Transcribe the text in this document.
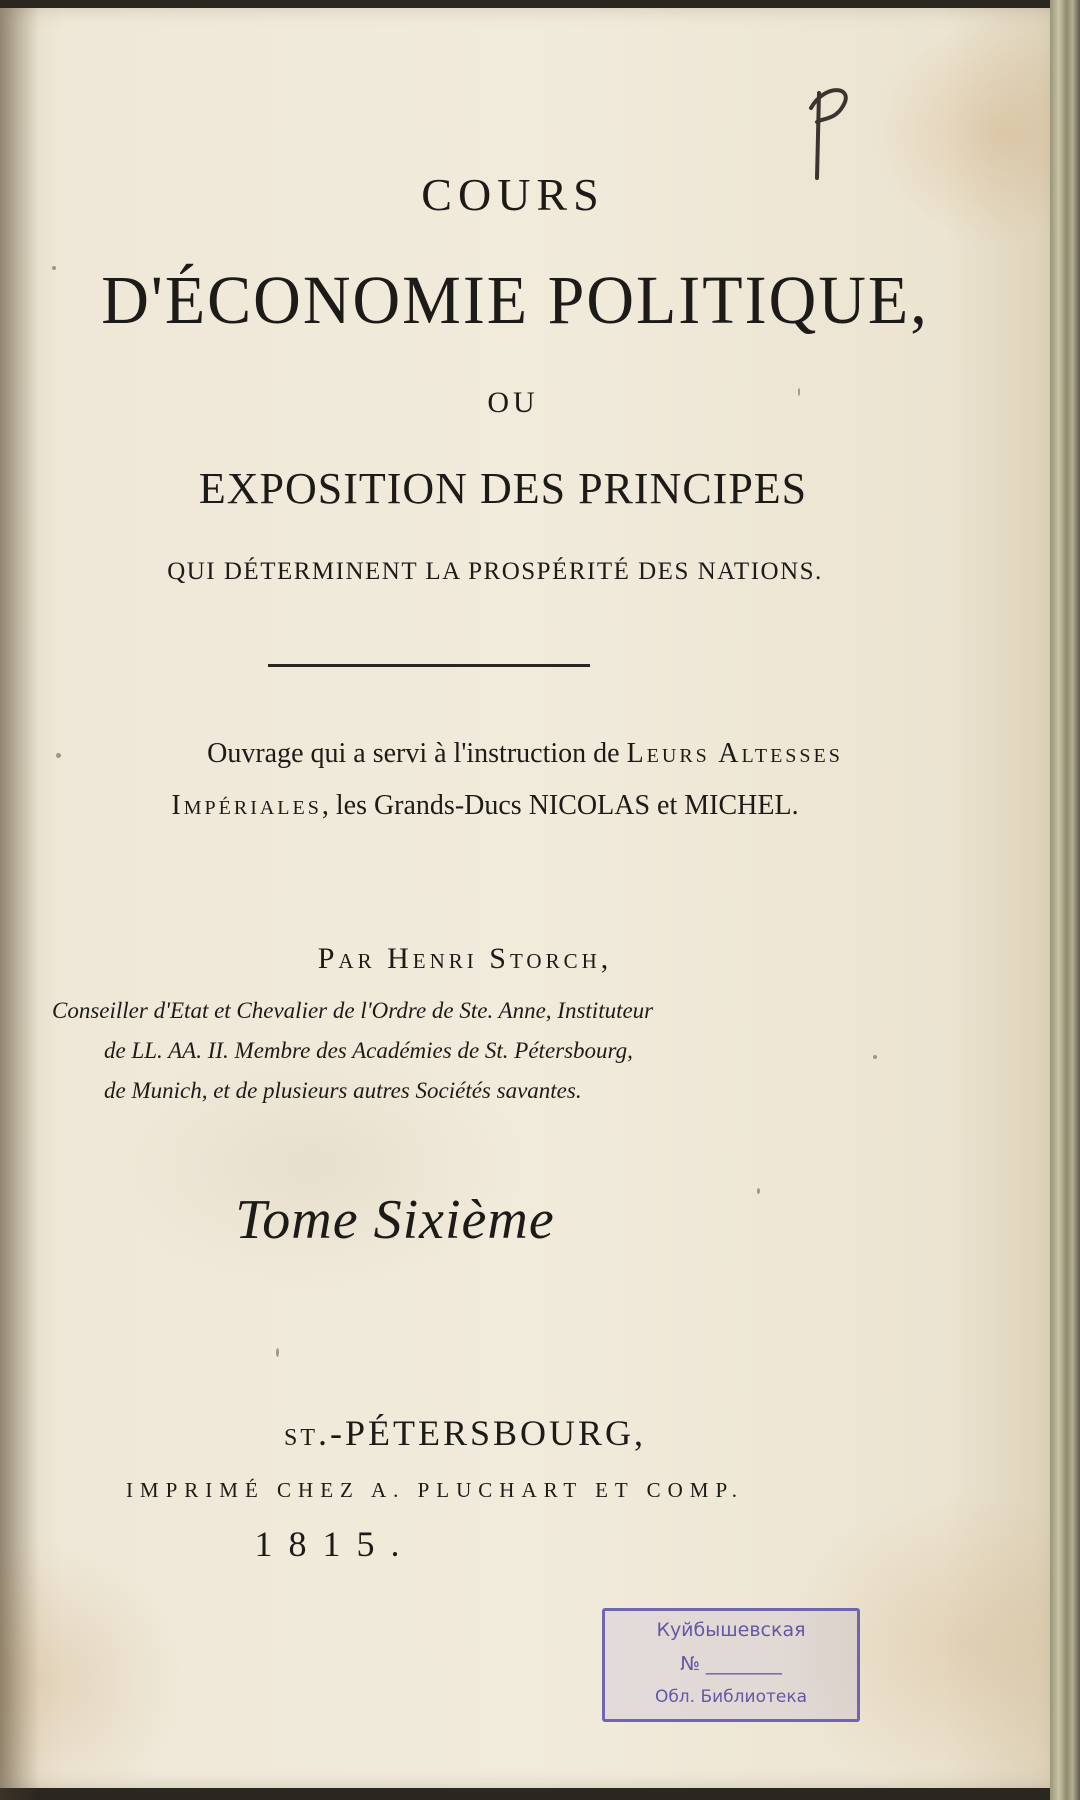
COURS
D'ÉCONOMIE POLITIQUE,
OU
EXPOSITION DES PRINCIPES
QUI DÉTERMINENT LA PROSPÉRITÉ DES NATIONS.
Ouvrage qui a servi à l'instruction de Leurs Altesses
Impériales, les Grands-Ducs NICOLAS et MICHEL.
Par Henri Storch,
Conseiller d'Etat et Chevalier de l'Ordre de Ste. Anne, Instituteur
de LL. AA. II. Membre des Académies de St. Pétersbourg,
de Munich, et de plusieurs autres Sociétés savantes.
Tome Sixième
ST.-PÉTERSBOURG,
IMPRIMÉ CHEZ A. PLUCHART ET COMP.
1815.
Куйбышевская
№ ________
Обл. Библиотека
